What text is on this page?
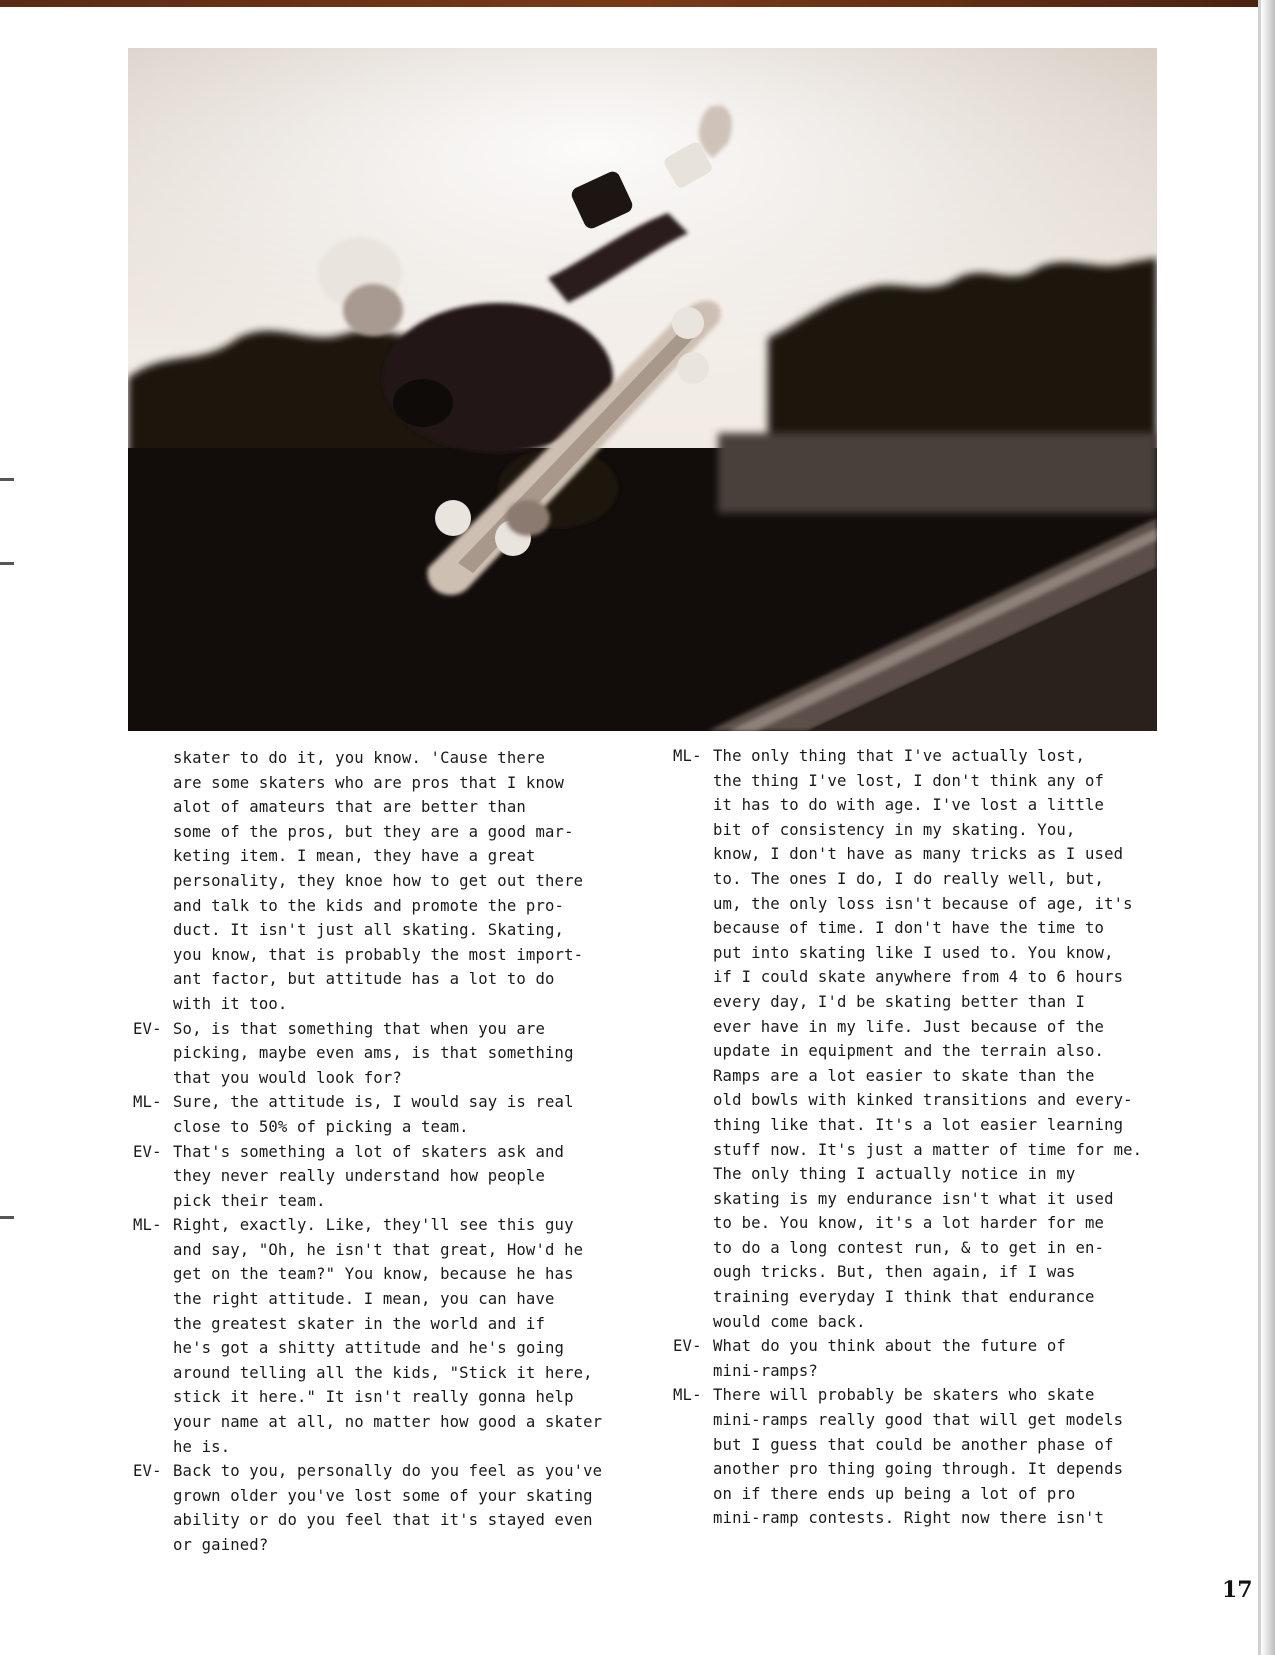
skater to do it, you know. 'Cause there
are some skaters who are pros that I know
alot of amateurs that are better than
some of the pros, but they are a good mar-
keting item. I mean, they have a great
personality, they knoe how to get out there
and talk to the kids and promote the pro-
duct. It isn't just all skating. Skating,
you know, that is probably the most import-
ant factor, but attitude has a lot to do
with it too.
EV- So, is that something that when you are
picking, maybe even ams, is that something
that you would look for?
ML- Sure, the attitude is, I would say is real
close to 50% of picking a team.
EV- That's something a lot of skaters ask and
they never really understand how people
pick their team.
ML- Right, exactly. Like, they'll see this guy
and say, "Oh, he isn't that great, How'd he
get on the team?" You know, because he has
the right attitude. I mean, you can have
the greatest skater in the world and if
he's got a shitty attitude and he's going
around telling all the kids, "Stick it here,
stick it here." It isn't really gonna help
your name at all, no matter how good a skater
he is.
EV- Back to you, personally do you feel as you've
grown older you've lost some of your skating
ability or do you feel that it's stayed even
or gained?
ML- The only thing that I've actually lost,
the thing I've lost, I don't think any of
it has to do with age. I've lost a little
bit of consistency in my skating. You,
know, I don't have as many tricks as I used
to. The ones I do, I do really well, but,
um, the only loss isn't because of age, it's
because of time. I don't have the time to
put into skating like I used to. You know,
if I could skate anywhere from 4 to 6 hours
every day, I'd be skating better than I
ever have in my life. Just because of the
update in equipment and the terrain also.
Ramps are a lot easier to skate than the
old bowls with kinked transitions and every-
thing like that. It's a lot easier learning
stuff now. It's just a matter of time for me.
The only thing I actually notice in my
skating is my endurance isn't what it used
to be. You know, it's a lot harder for me
to do a long contest run, & to get in en-
ough tricks. But, then again, if I was
training everyday I think that endurance
would come back.
EV- What do you think about the future of
mini-ramps?
ML- There will probably be skaters who skate
mini-ramps really good that will get models
but I guess that could be another phase of
another pro thing going through. It depends
on if there ends up being a lot of pro
mini-ramp contests. Right now there isn't
17
